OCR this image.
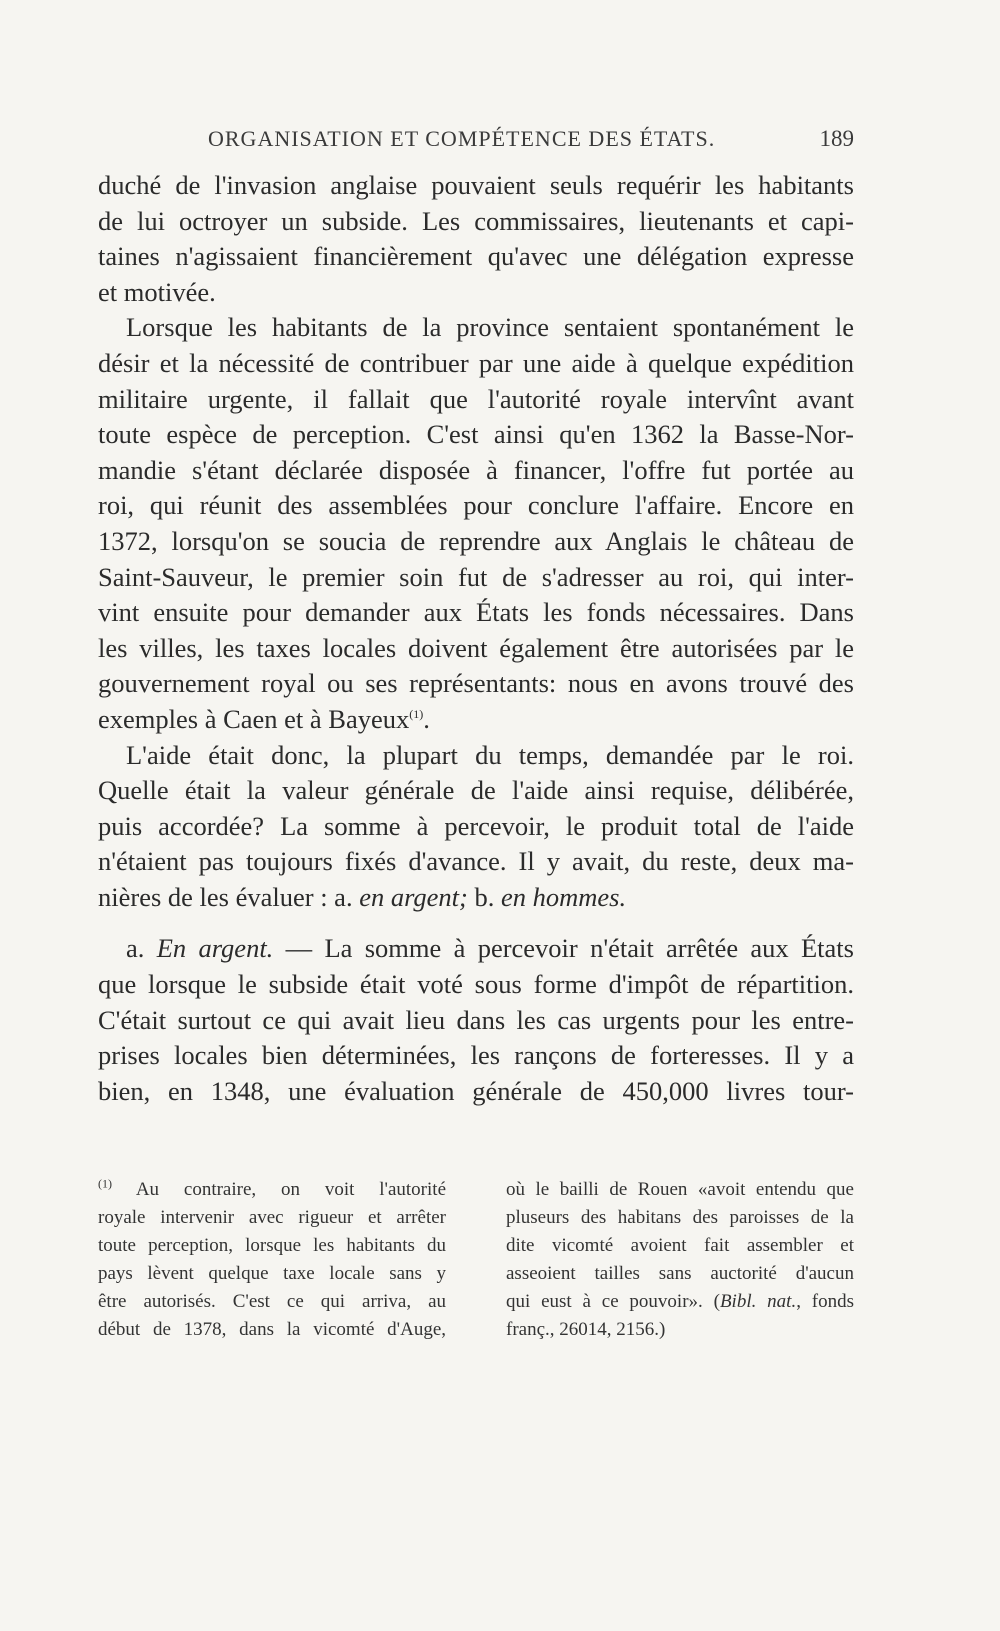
ORGANISATION ET COMPÉTENCE DES ÉTATS.	189

duché de l'invasion anglaise pouvaient seuls requérir les habitants

de lui octroyer un subside. Les commissaires, lieutenants et capi-

taines n'agissaient financièrement qu'avec une délégation expresse

et motivée.

Lorsque les habitants de la province sentaient spontanément le

désir et la nécessité de contribuer par une aide à quelque expédition

militaire urgente, il fallait que l'autorité royale intervînt avant

toute espèce de perception. C'est ainsi qu'en 1362 la Basse-Nor-

mandie s'étant déclarée disposée à financer, l'offre fut portée au

roi, qui réunit des assemblées pour conclure l'affaire. Encore en

1372, lorsqu'on se soucia de reprendre aux Anglais le château de

Saint-Sauveur, le premier soin fut de s'adresser au roi, qui inter-

vint ensuite pour demander aux États les fonds nécessaires. Dans

les villes, les taxes locales doivent également être autorisées par le

gouvernement royal ou ses représentants: nous en avons trouvé des

exemples à Caen et à Bayeux$^{(1)}$.

L'aide était donc, la plupart du temps, demandée par le roi.

Quelle était la valeur générale de l'aide ainsi requise, délibérée,

puis accordée? La somme à percevoir, le produit total de l'aide

n'étaient pas toujours fixés d'avance. Il y avait, du reste, deux ma-

nières de les évaluer : a. en argent; b. en hommes.

a. En argent. — La somme à percevoir n'était arrêtée aux États

que lorsque le subside était voté sous forme d'impôt de répartition.

C'était surtout ce qui avait lieu dans les cas urgents pour les entre-

prises locales bien déterminées, les rançons de forteresses. Il y a

bien, en 1348, une évaluation générale de 450,000 livres tour-

$^{(1)}$ Au contraire, on voit l'autorité

royale intervenir avec rigueur et arrêter

toute perception, lorsque les habitants du

pays lèvent quelque taxe locale sans y

être autorisés. C'est ce qui arriva, au

début de 1378, dans la vicomté d'Auge,

où le bailli de Rouen «avoit entendu que

pluseurs des habitans des paroisses de la

dite vicomté avoient fait assembler et

asseoient tailles sans auctorité d'aucun

qui eust à ce pouvoir». (Bibl. nat., fonds

franç., 26014, 2156.)
